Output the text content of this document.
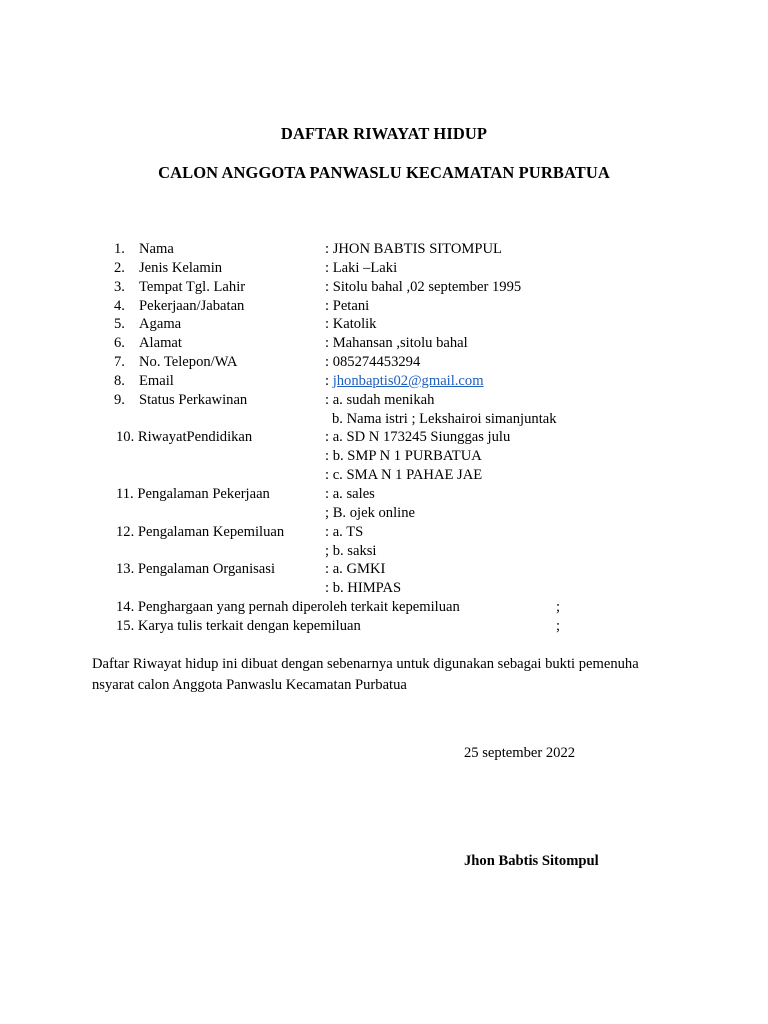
DAFTAR RIWAYAT HIDUP
CALON ANGGOTA PANWASLU KECAMATAN PURBATUA
1. Nama	: JHON BABTIS SITOMPUL
2. Jenis Kelamin	: Laki –Laki
3. Tempat Tgl. Lahir	: Sitolu bahal ,02 september 1995
4. Pekerjaan/Jabatan	: Petani
5. Agama	: Katolik
6. Alamat	: Mahansan ,sitolu bahal
7. No. Telepon/WA	: 085274453294
8. Email	: jhonbaptis02@gmail.com
9. Status Perkawinan	: a. sudah menikah
b. Nama istri ; Lekshairoi simanjuntak
10. RiwayatPendidikan	: a. SD N 173245 Siunggas julu
: b. SMP N 1 PURBATUA
: c. SMA N 1 PAHAE JAE
11. Pengalaman Pekerjaan	: a. sales
; B. ojek online
12. Pengalaman Kepemiluan	: a. TS
; b. saksi
13. Pengalaman Organisasi	: a. GMKI
: b. HIMPAS
14. Penghargaan yang pernah diperoleh terkait kepemiluan	;
15. Karya tulis terkait dengan kepemiluan	;
Daftar Riwayat hidup ini dibuat dengan sebenarnya untuk digunakan sebagai bukti pemenuha
nsyarat calon Anggota Panwaslu Kecamatan Purbatua
25 september 2022
Jhon Babtis Sitompul
